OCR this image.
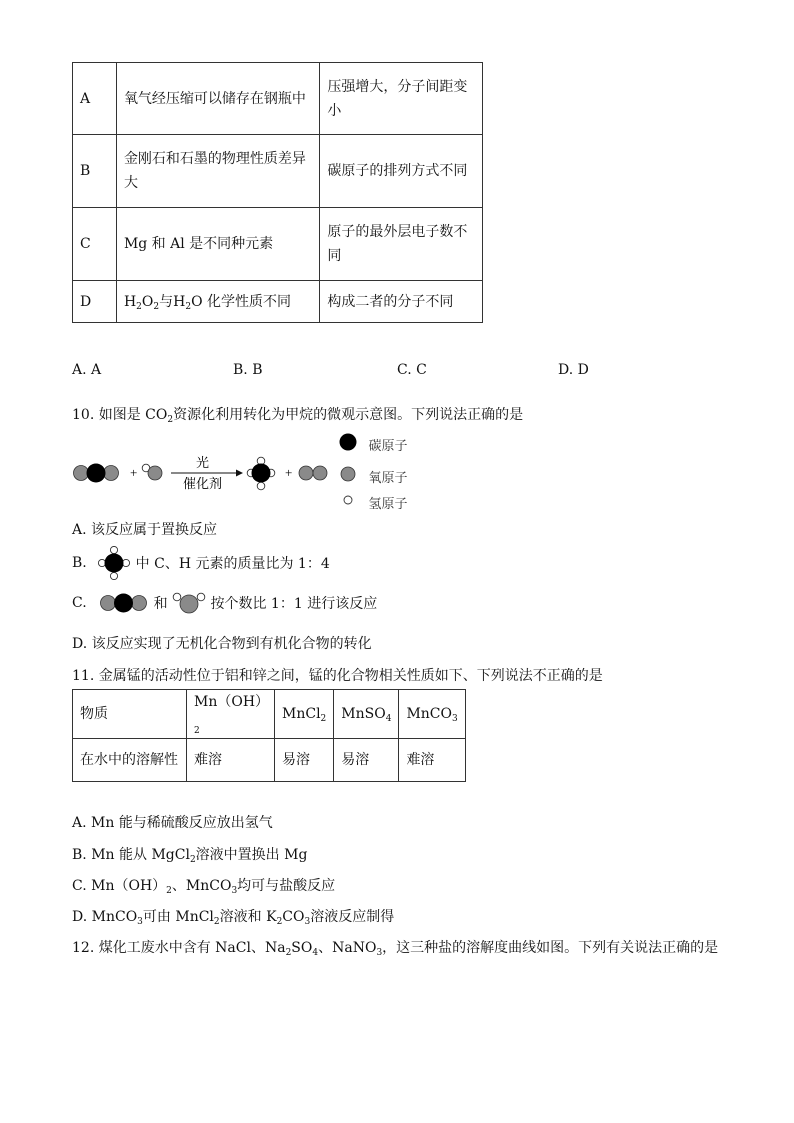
A	氧气经压缩可以储存在钢瓶中	压强增大，分子间距变小
B	金刚石和石墨的物理性质差异大	碳原子的排列方式不同
C	Mg 和 Al 是不同种元素	原子的最外层电子数不同
D	$H_2O_2$与$H_2O$ 化学性质不同	构成二者的分子不同
A. A	B. B	C. C	D. D
10. 如图是 $CO_2$资源化利用转化为甲烷的微观示意图。下列说法正确的是
+
光
催化剂
+
碳原子
氧原子
氢原子
A. 该反应属于置换反应
B.	中 C、H 元素的质量比为 1：4
C.	和	按个数比 1：1 进行该反应
D. 该反应实现了无机化合物到有机化合物的转化
11. 金属锰的活动性位于铝和锌之间，锰的化合物相关性质如下、下列说法不正确的是
物质	$Mn(OH)_2$	MnCl$_2$	MnSO$_4$	MnCO$_3$
在水中的溶解性	难溶	易溶	易溶	难溶
A. Mn 能与稀硫酸反应放出氢气
B. Mn 能从 MgCl$_2$溶液中置换出 Mg
C. $Mn(OH)_2$、MnCO$_3$均可与盐酸反应
D. MnCO$_3$可由 MnCl$_2$溶液和 $K_2CO_3$溶液反应制得
12. 煤化工废水中含有 NaCl、$Na_2SO_4$、NaNO$_3$，这三种盐的溶解度曲线如图。下列有关说法正确的是
